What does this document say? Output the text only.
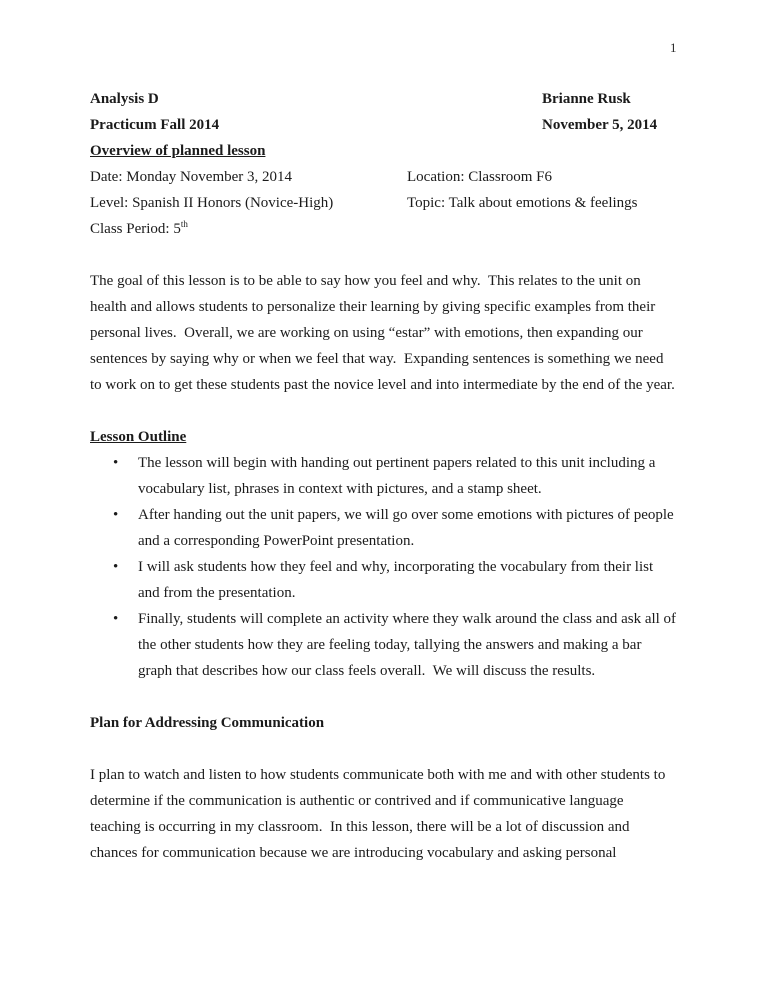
1
Analysis D	Brianne Rusk
Practicum Fall 2014	November 5, 2014
Overview of planned lesson
Date: Monday November 3, 2014	Location: Classroom F6
Level: Spanish II Honors (Novice-High)	Topic: Talk about emotions & feelings
Class Period: 5th

The goal of this lesson is to be able to say how you feel and why.  This relates to the unit on health and allows students to personalize their learning by giving specific examples from their personal lives.  Overall, we are working on using “estar” with emotions, then expanding our sentences by saying why or when we feel that way.  Expanding sentences is something we need to work on to get these students past the novice level and into intermediate by the end of the year.

Lesson Outline
•	The lesson will begin with handing out pertinent papers related to this unit including a vocabulary list, phrases in context with pictures, and a stamp sheet.
•	After handing out the unit papers, we will go over some emotions with pictures of people and a corresponding PowerPoint presentation.
•	I will ask students how they feel and why, incorporating the vocabulary from their list and from the presentation.
•	Finally, students will complete an activity where they walk around the class and ask all of the other students how they are feeling today, tallying the answers and making a bar graph that describes how our class feels overall.  We will discuss the results.
Plan for Addressing Communication

I plan to watch and listen to how students communicate both with me and with other students to determine if the communication is authentic or contrived and if communicative language teaching is occurring in my classroom.  In this lesson, there will be a lot of discussion and chances for communication because we are introducing vocabulary and asking personal
